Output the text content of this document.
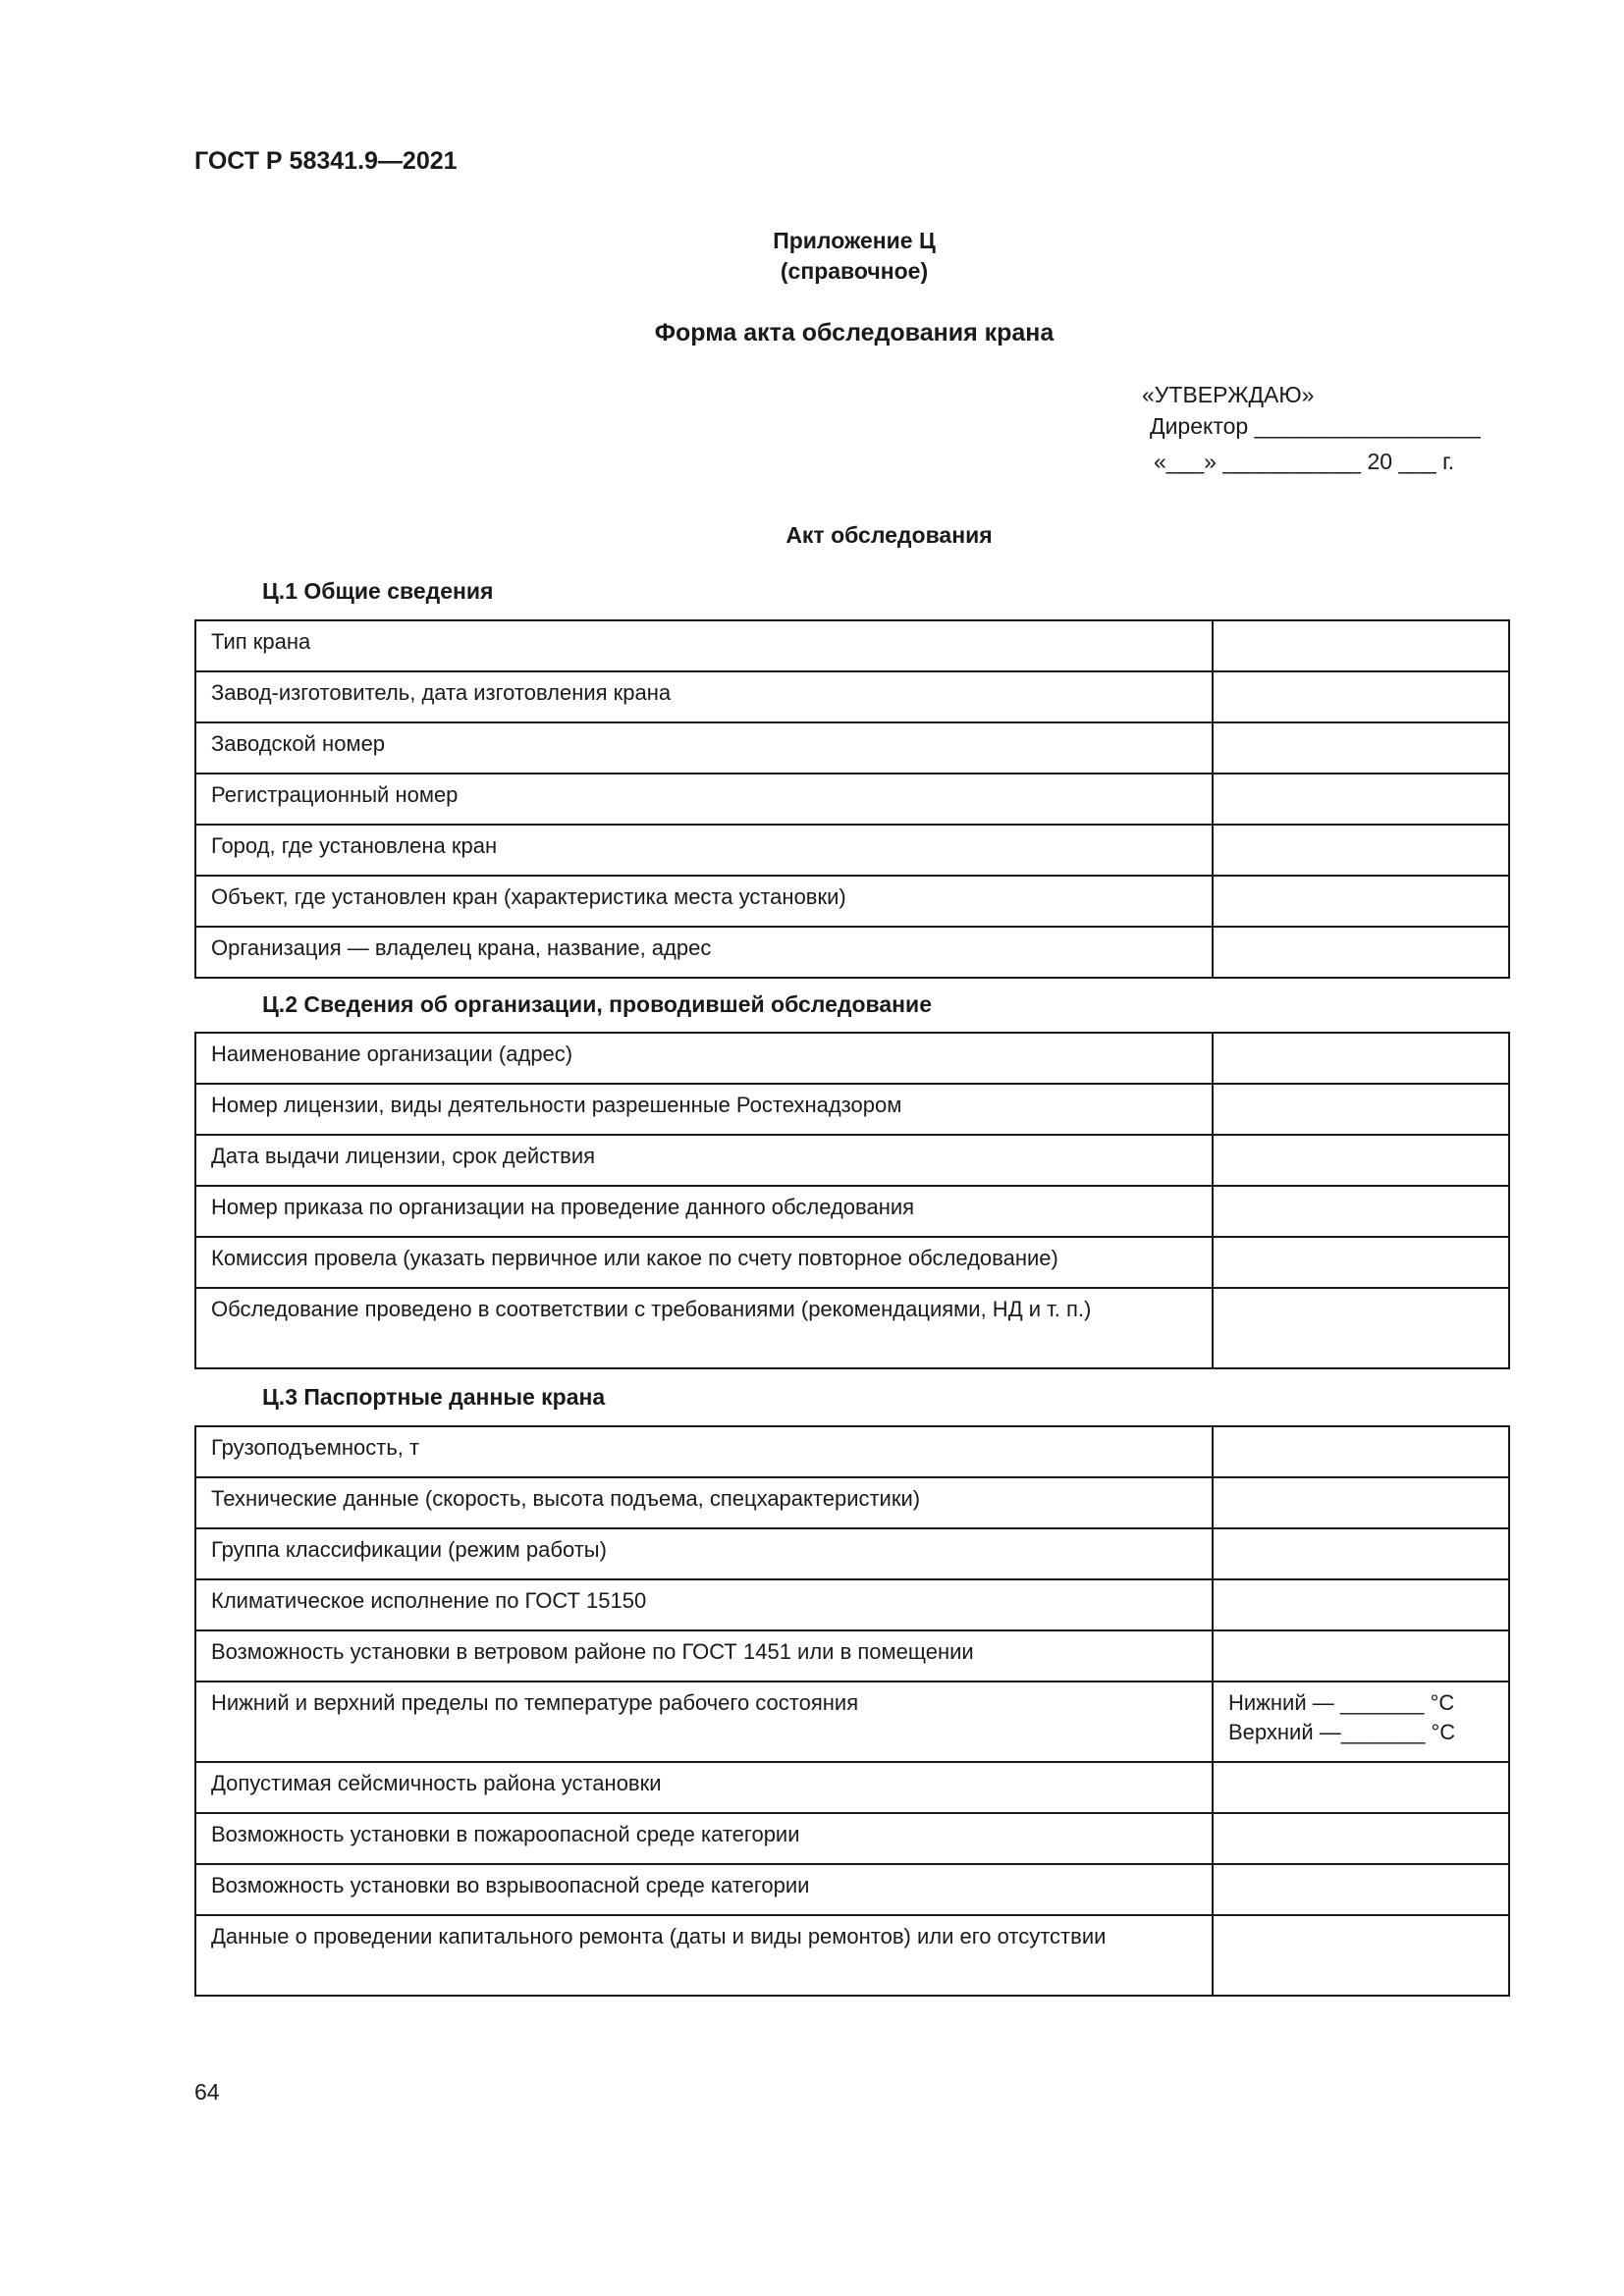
ГОСТ Р 58341.9—2021
Приложение Ц
(справочное)
Форма акта обследования крана
«УТВЕРЖДАЮ»
Директор __________________
«___» ___________ 20 ___ г.
Акт обследования
Ц.1 Общие сведения
Тип крана	
Завод-изготовитель, дата изготовления крана	
Заводской номер	
Регистрационный номер	
Город, где установлена кран	
Объект, где установлен кран (характеристика места установки)	
Организация — владелец крана, название, адрес	
Ц.2 Сведения об организации, проводившей обследование
Наименование организации (адрес)	
Номер лицензии, виды деятельности разрешенные Ростехнадзором	
Дата выдачи лицензии, срок действия	
Номер приказа по организации на проведение данного обследования	
Комиссия провела (указать первичное или какое по счету повторное обследование)	
Обследование проведено в соответствии с требованиями (рекомендациями, НД и т. п.)	
Ц.3 Паспортные данные крана
Грузоподъемность, т	
Технические данные (скорость, высота подъема, спецхарактеристики)	
Группа классификации (режим работы)	
Климатическое исполнение по ГОСТ 15150	
Возможность установки в ветровом районе по ГОСТ 1451 или в помещении	
Нижний и верхний пределы по температуре рабочего состояния	Нижний — _______ °С
Верхний —_______ °С

Допустимая сейсмичность района установки	
Возможность установки в пожароопасной среде категории	
Возможность установки во взрывоопасной среде категории	
Данные о проведении капитального ремонта (даты и виды ремонтов) или его отсутствии	
64
